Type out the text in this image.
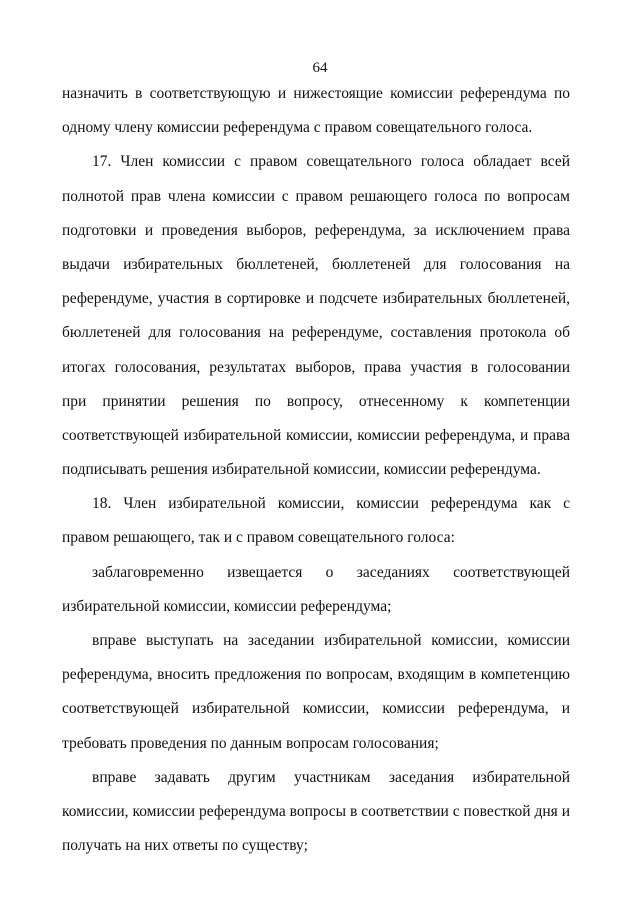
64
назначить в соответствующую и нижестоящие комиссии референдума по
одному члену комиссии референдума с правом совещательного голоса.
17. Член комиссии с правом совещательного голоса обладает всей
полнотой прав члена комиссии с правом решающего голоса по вопросам
подготовки и проведения выборов, референдума, за исключением права
выдачи избирательных бюллетеней, бюллетеней для голосования на
референдуме, участия в сортировке и подсчете избирательных бюллетеней,
бюллетеней для голосования на референдуме, составления протокола об
итогах голосования, результатах выборов, права участия в голосовании
при принятии решения по вопросу, отнесенному к компетенции
соответствующей избирательной комиссии, комиссии референдума, и права
подписывать решения избирательной комиссии, комиссии референдума.
18. Член избирательной комиссии, комиссии референдума как с
правом решающего, так и с правом совещательного голоса:
заблаговременно извещается о заседаниях соответствующей
избирательной комиссии, комиссии референдума;
вправе выступать на заседании избирательной комиссии, комиссии
референдума, вносить предложения по вопросам, входящим в компетенцию
соответствующей избирательной комиссии, комиссии референдума, и
требовать проведения по данным вопросам голосования;
вправе задавать другим участникам заседания избирательной
комиссии, комиссии референдума вопросы в соответствии с повесткой дня и
получать на них ответы по существу;
